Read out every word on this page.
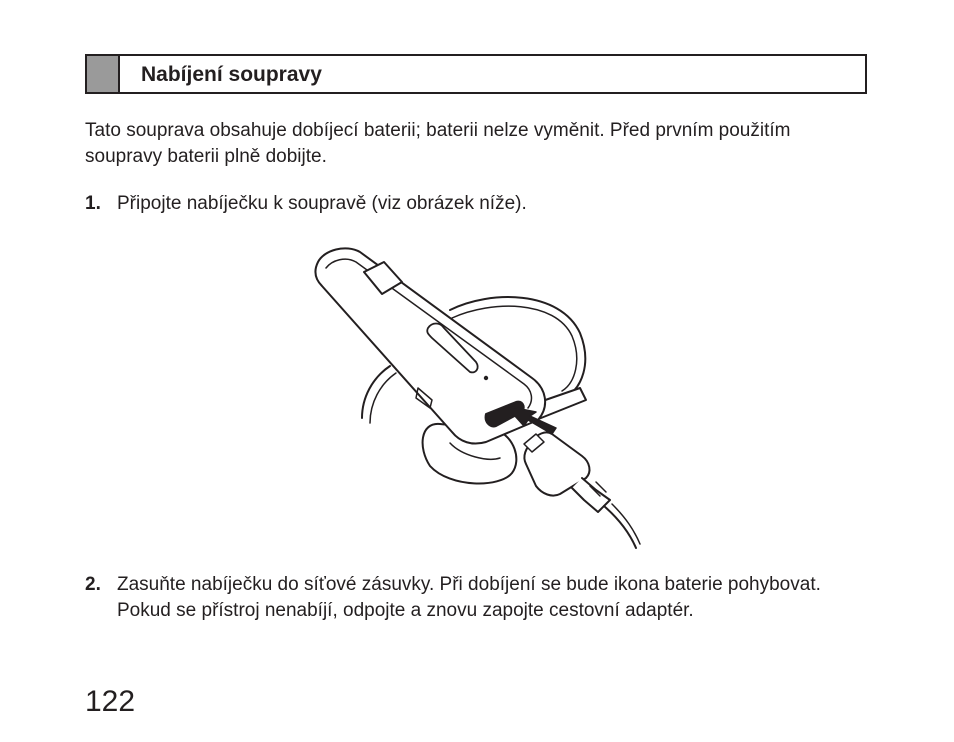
Nabíjení soupravy

Tato souprava obsahuje dobíjecí baterii; baterii nelze vyměnit. Před prvním použitím soupravy baterii plně dobijte.

1. Připojte nabíječku k soupravě (viz obrázek níže).
2. Zasuňte nabíječku do síťové zásuvky. Při dobíjení se bude ikona baterie pohybovat. Pokud se přístroj nenabíjí, odpojte a znovu zapojte cestovní adaptér.
122
